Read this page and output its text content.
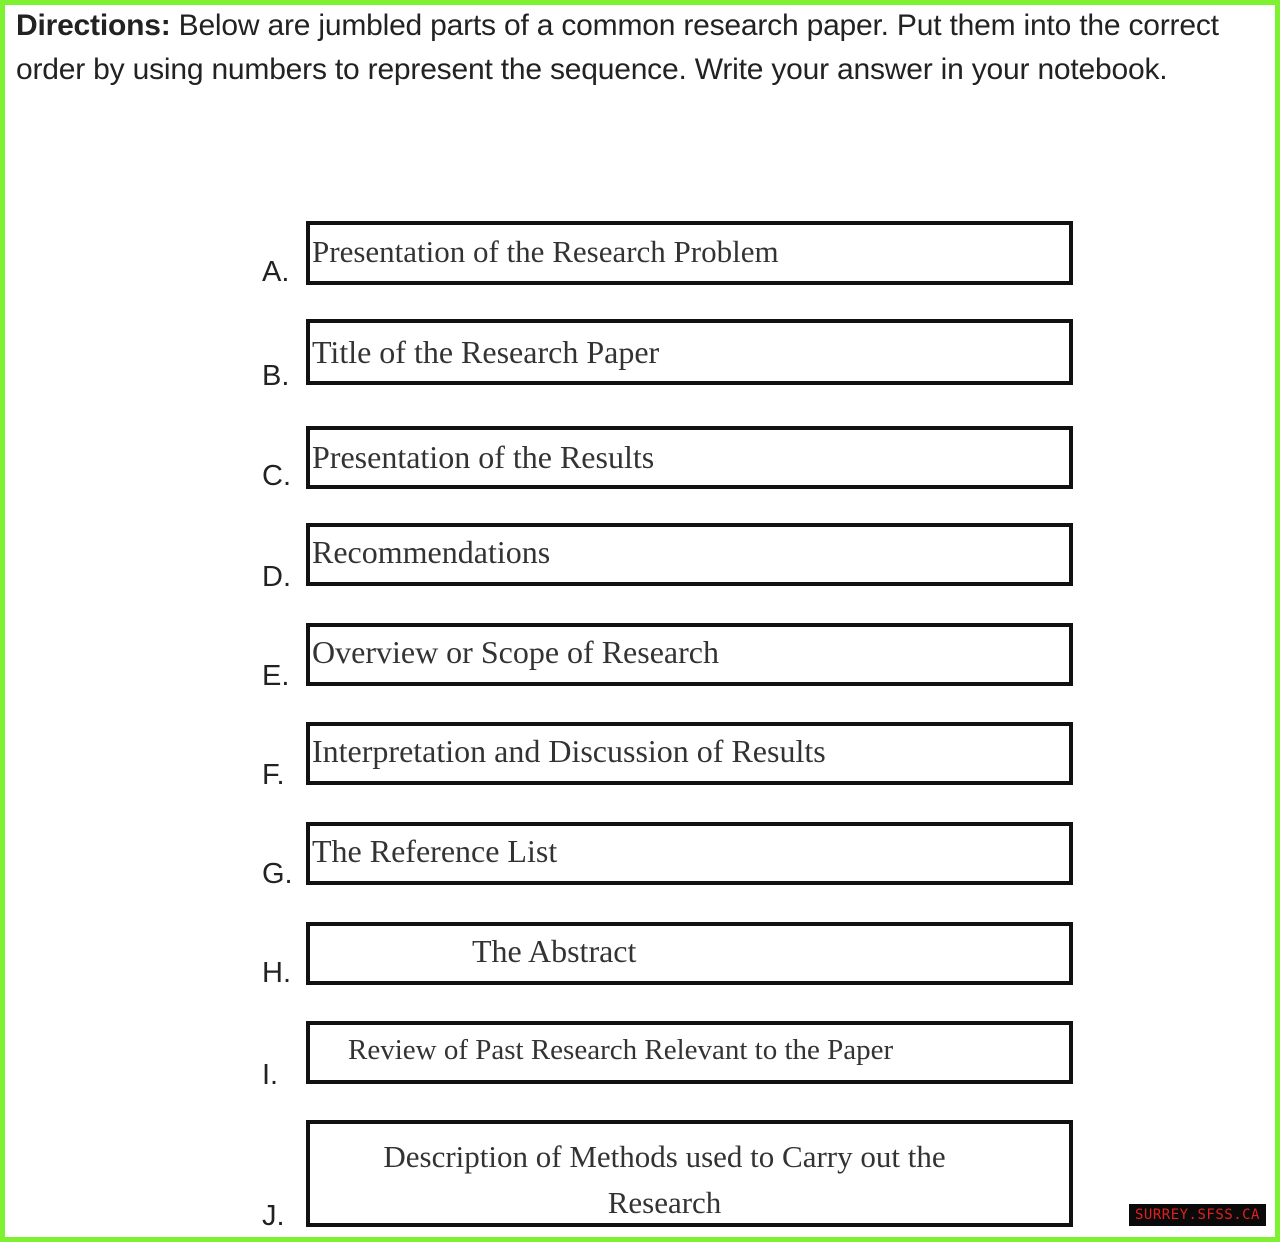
Directions: Below are jumbled parts of a common research paper. Put them into the correct order by using numbers to represent the sequence. Write your answer in your notebook.
A.
Presentation of the Research Problem
B.
Title of the Research Paper
C.
Presentation of the Results
D.
Recommendations
E.
Overview or Scope of Research
F.
Interpretation and Discussion of Results
G.
The Reference List
H.
The Abstract
I.
Review of Past Research Relevant to the Paper
J.
Description of Methods used to Carry out the Research	SURREY.SFSS.CA
